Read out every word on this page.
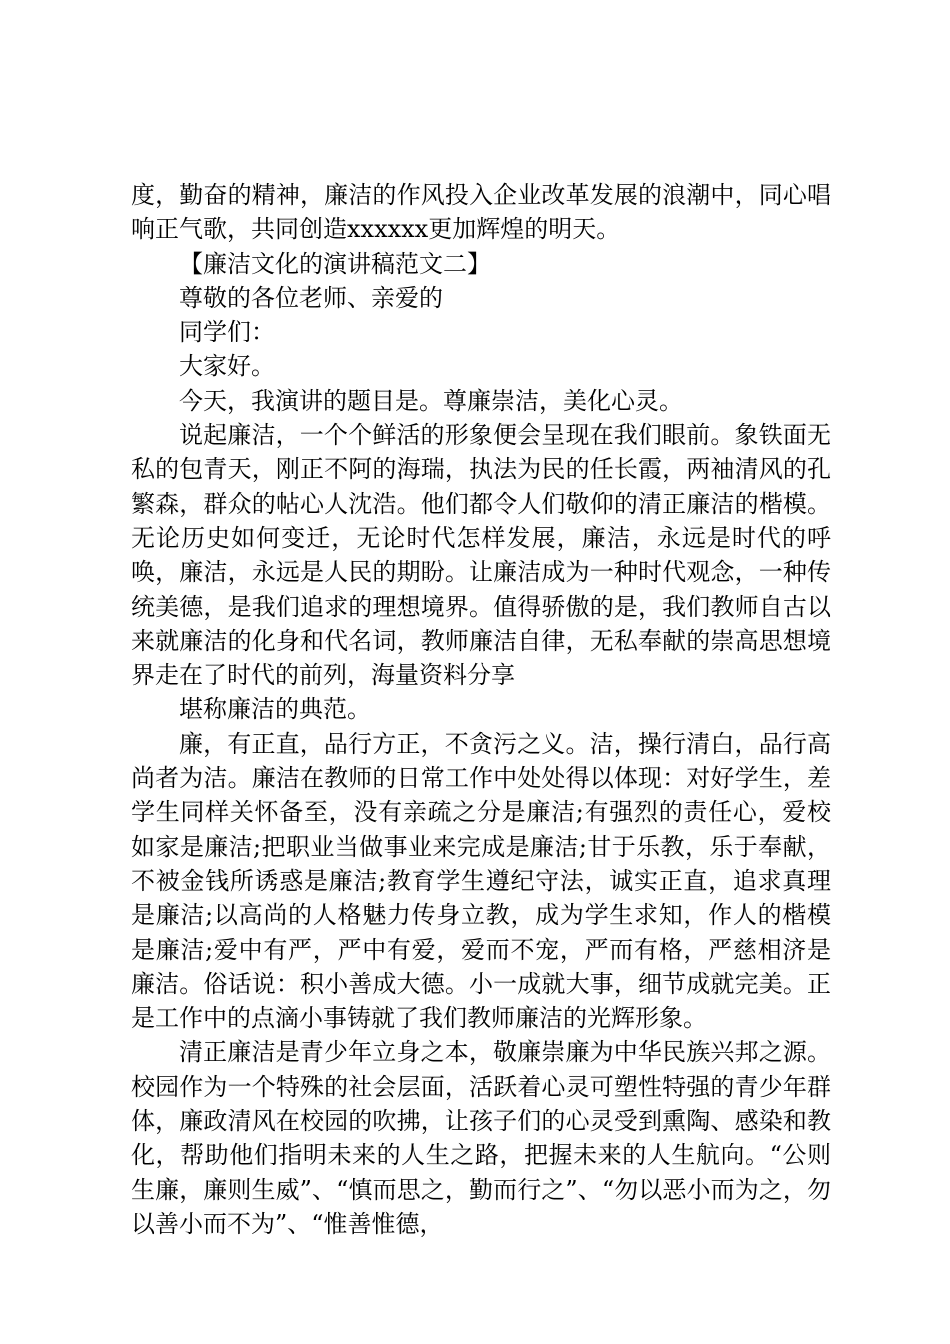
度，勤奋的精神，廉洁的作风投入企业改革发展的浪潮中，同心唱响正气歌，共同创造xxxxxx更加辉煌的明天。

【廉洁文化的演讲稿范文二】

尊敬的各位老师、亲爱的

同学们：

大家好。

今天，我演讲的题目是。尊廉崇洁，美化心灵。

说起廉洁，一个个鲜活的形象便会呈现在我们眼前。象铁面无私的包青天，刚正不阿的海瑞，执法为民的任长霞，两袖清风的孔繁森，群众的帖心人沈浩。他们都令人们敬仰的清正廉洁的楷模。无论历史如何变迁，无论时代怎样发展，廉洁，永远是时代的呼唤，廉洁，永远是人民的期盼。让廉洁成为一种时代观念，一种传统美德，是我们追求的理想境界。值得骄傲的是，我们教师自古以来就廉洁的化身和代名词，教师廉洁自律，无私奉献的崇高思想境界走在了时代的前列，海量资料分享

堪称廉洁的典范。

廉，有正直，品行方正，不贪污之义。洁，操行清白，品行高尚者为洁。廉洁在教师的日常工作中处处得以体现：对好学生，差学生同样关怀备至，没有亲疏之分是廉洁;有强烈的责任心，爱校如家是廉洁;把职业当做事业来完成是廉洁;甘于乐教，乐于奉献，不被金钱所诱惑是廉洁;教育学生遵纪守法，诚实正直，追求真理是廉洁;以高尚的人格魅力传身立教，成为学生求知，作人的楷模是廉洁;爱中有严，严中有爱，爱而不宠，严而有格，严慈相济是廉洁。俗话说：积小善成大德。小一成就大事，细节成就完美。正是工作中的点滴小事铸就了我们教师廉洁的光辉形象。

清正廉洁是青少年立身之本，敬廉崇廉为中华民族兴邦之源。校园作为一个特殊的社会层面，活跃着心灵可塑性特强的青少年群体，廉政清风在校园的吹拂，让孩子们的心灵受到熏陶、感染和教化，帮助他们指明未来的人生之路，把握未来的人生航向。“公则生廉，廉则生威”、“慎而思之，勤而行之”、“勿以恶小而为之，勿以善小而不为”、“惟善惟德，
